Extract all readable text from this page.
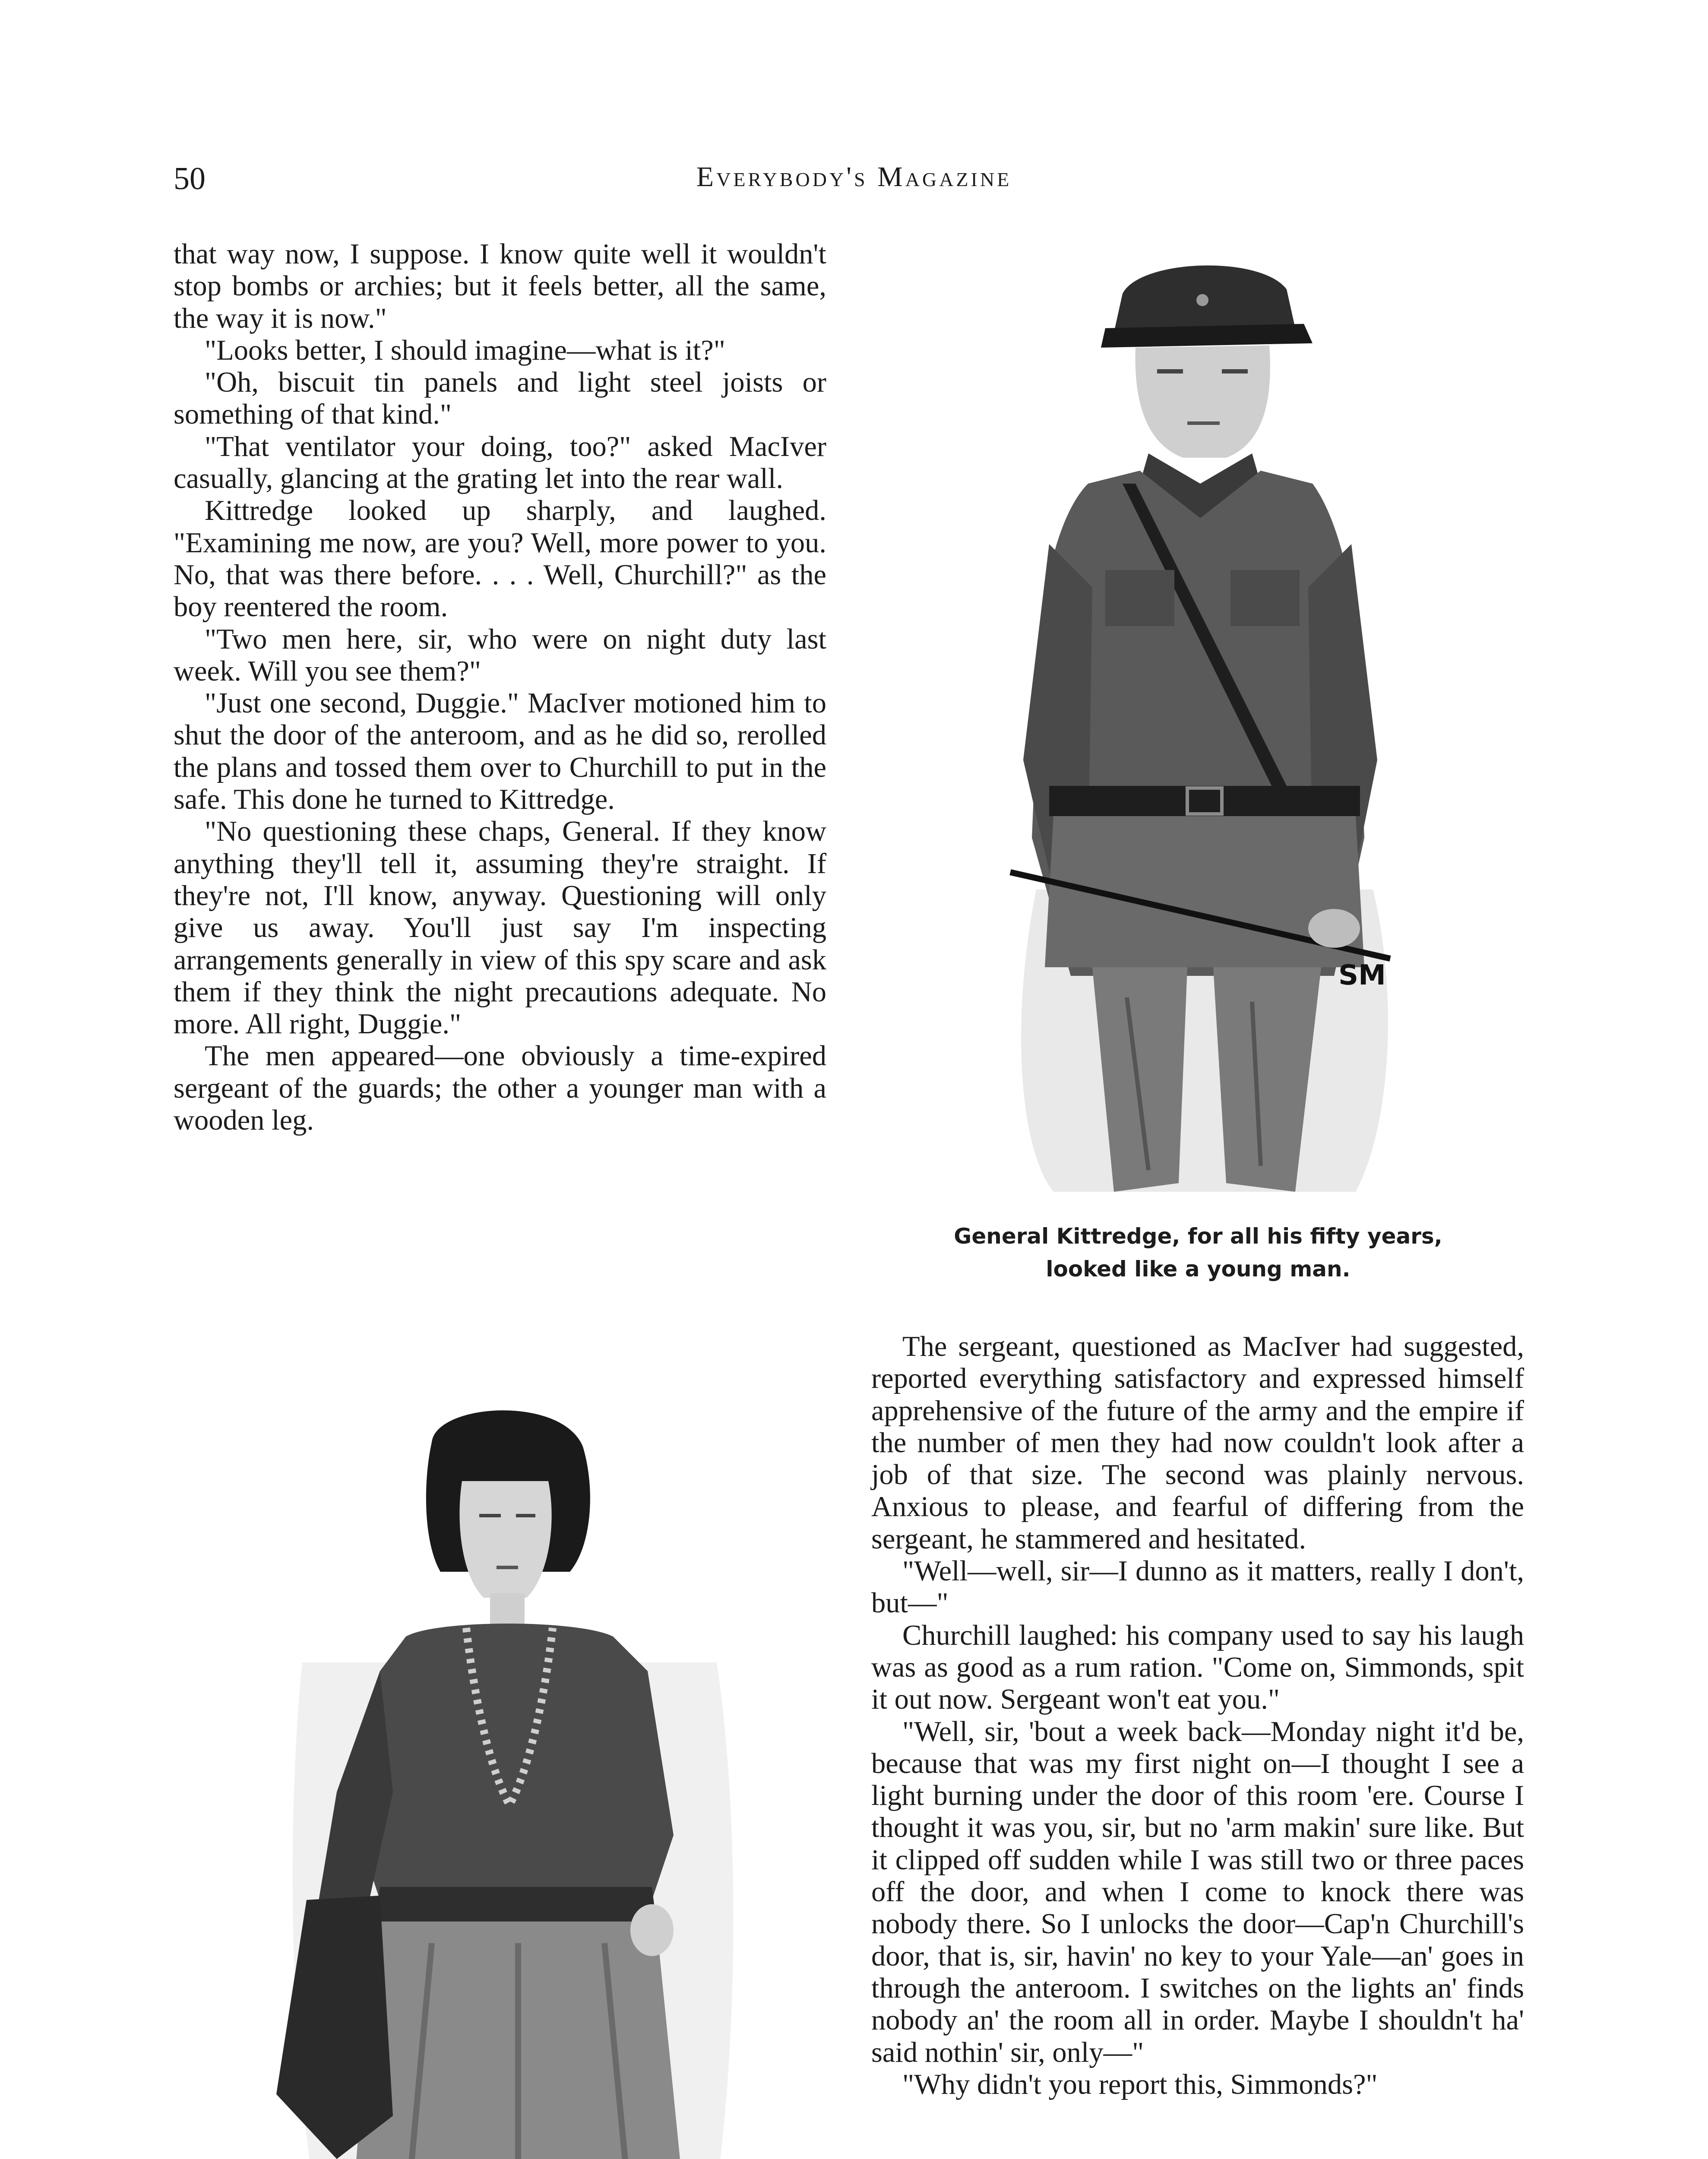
50	Everybody's Magazine

that way now, I suppose. I know quite well it wouldn't stop bombs or archies; but it feels better, all the same, the way it is now."

"Looks better, I should imagine—what is it?"

"Oh, biscuit tin panels and light steel joists or something of that kind."

"That ventilator your doing, too?" asked MacIver casually, glancing at the grating let into the rear wall.

Kittredge looked up sharply, and laughed. "Examining me now, are you? Well, more power to you. No, that was there before. . . . Well, Churchill?" as the boy reentered the room.

"Two men here, sir, who were on night duty last week. Will you see them?"

"Just one second, Duggie." MacIver motioned him to shut the door of the anteroom, and as he did so, rerolled the plans and tossed them over to Churchill to put in the safe. This done he turned to Kittredge.

"No questioning these chaps, General. If they know anything they'll tell it, assuming they're straight. If they're not, I'll know, anyway. Questioning will only give us away. You'll just say I'm inspecting arrangements generally in view of this spy scare and ask them if they think the night precautions adequate. No more. All right, Duggie."

The men appeared—one obviously a time-expired sergeant of the guards; the other a younger man with a wooden leg.

SM
General Kittredge, for all his fifty years,
looked like a young man.

The sergeant, questioned as MacIver had suggested, reported everything satisfactory and expressed himself apprehensive of the future of the army and the empire if the number of men they had now couldn't look after a job of that size. The second was plainly nervous. Anxious to please, and fearful of differing from the sergeant, he stammered and hesitated.

"Well—well, sir—I dunno as it matters, really I don't, but—"

Churchill laughed: his company used to say his laugh was as good as a rum ration. "Come on, Simmonds, spit it out now. Sergeant won't eat you."

"Well, sir, 'bout a week back—Monday night it'd be, because that was my first night on—I thought I see a light burning under the door of this room 'ere. Course I thought it was you, sir, but no 'arm makin' sure like. But it clipped off sudden while I was still two or three paces off the door, and when I come to knock there was nobody there. So I unlocks the door—Cap'n Churchill's door, that is, sir, havin' no key to your Yale—an' goes in through the anteroom. I switches on the lights an' finds nobody an' the room all in order. Maybe I shouldn't ha' said nothin' sir, only—"

"Why didn't you report this, Simmonds?"
